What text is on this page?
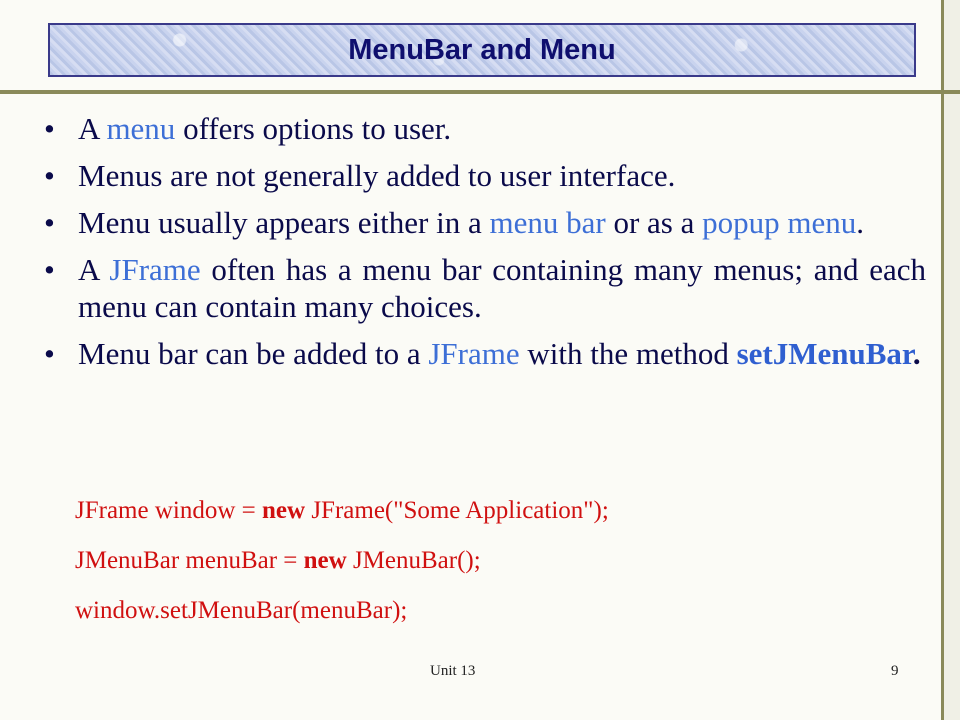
MenuBar and Menu
• A menu offers options to user.
• Menus are not generally added to user interface.
• Menu usually appears either in a menu bar or as a popup menu.
• A JFrame often has a menu bar containing many menus; and each menu can contain many choices.
• Menu bar can be added to a JFrame with the method setJMenuBar.
JFrame window = new JFrame("Some Application");
JMenuBar menuBar = new JMenuBar();
window.setJMenuBar(menuBar);
Unit 13	9
